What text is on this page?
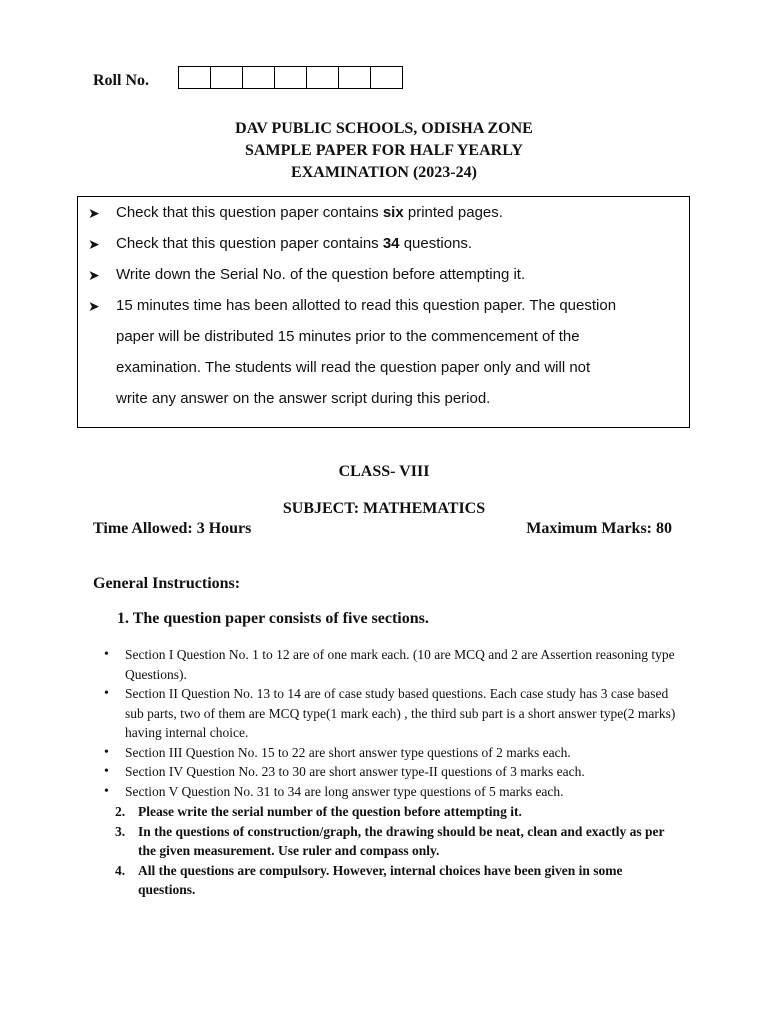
Roll No.
DAV PUBLIC SCHOOLS, ODISHA ZONE
SAMPLE PAPER FOR HALF YEARLY
EXAMINATION (2023-24)
➤ Check that this question paper contains six printed pages.
➤ Check that this question paper contains 34 questions.
➤ Write down the Serial No. of the question before attempting it.
➤ 15 minutes time has been allotted to read this question paper. The question
paper will be distributed 15 minutes prior to the commencement of the
examination. The students will read the question paper only and will not
write any answer on the answer script during this period.
CLASS- VIII
SUBJECT: MATHEMATICS
Time Allowed: 3 Hours	Maximum Marks: 80
General Instructions:
1. The question paper consists of five sections.
• Section I Question No. 1 to 12 are of one mark each. (10 are MCQ and 2 are Assertion reasoning type Questions).
• Section II Question No. 13 to 14 are of case study based questions. Each case study has 3 case based sub parts, two of them are MCQ type(1 mark each) , the third sub part is a short answer type(2 marks) having internal choice.
• Section III Question No. 15 to 22 are short answer type questions of 2 marks each.
• Section IV Question No. 23 to 30 are short answer type-II questions of 3 marks each.
• Section V Question No. 31 to 34 are long answer type questions of 5 marks each.
2. Please write the serial number of the question before attempting it.
3. In the questions of construction/graph, the drawing should be neat, clean and exactly as per the given measurement. Use ruler and compass only.
4. All the questions are compulsory. However, internal choices have been given in some questions.
